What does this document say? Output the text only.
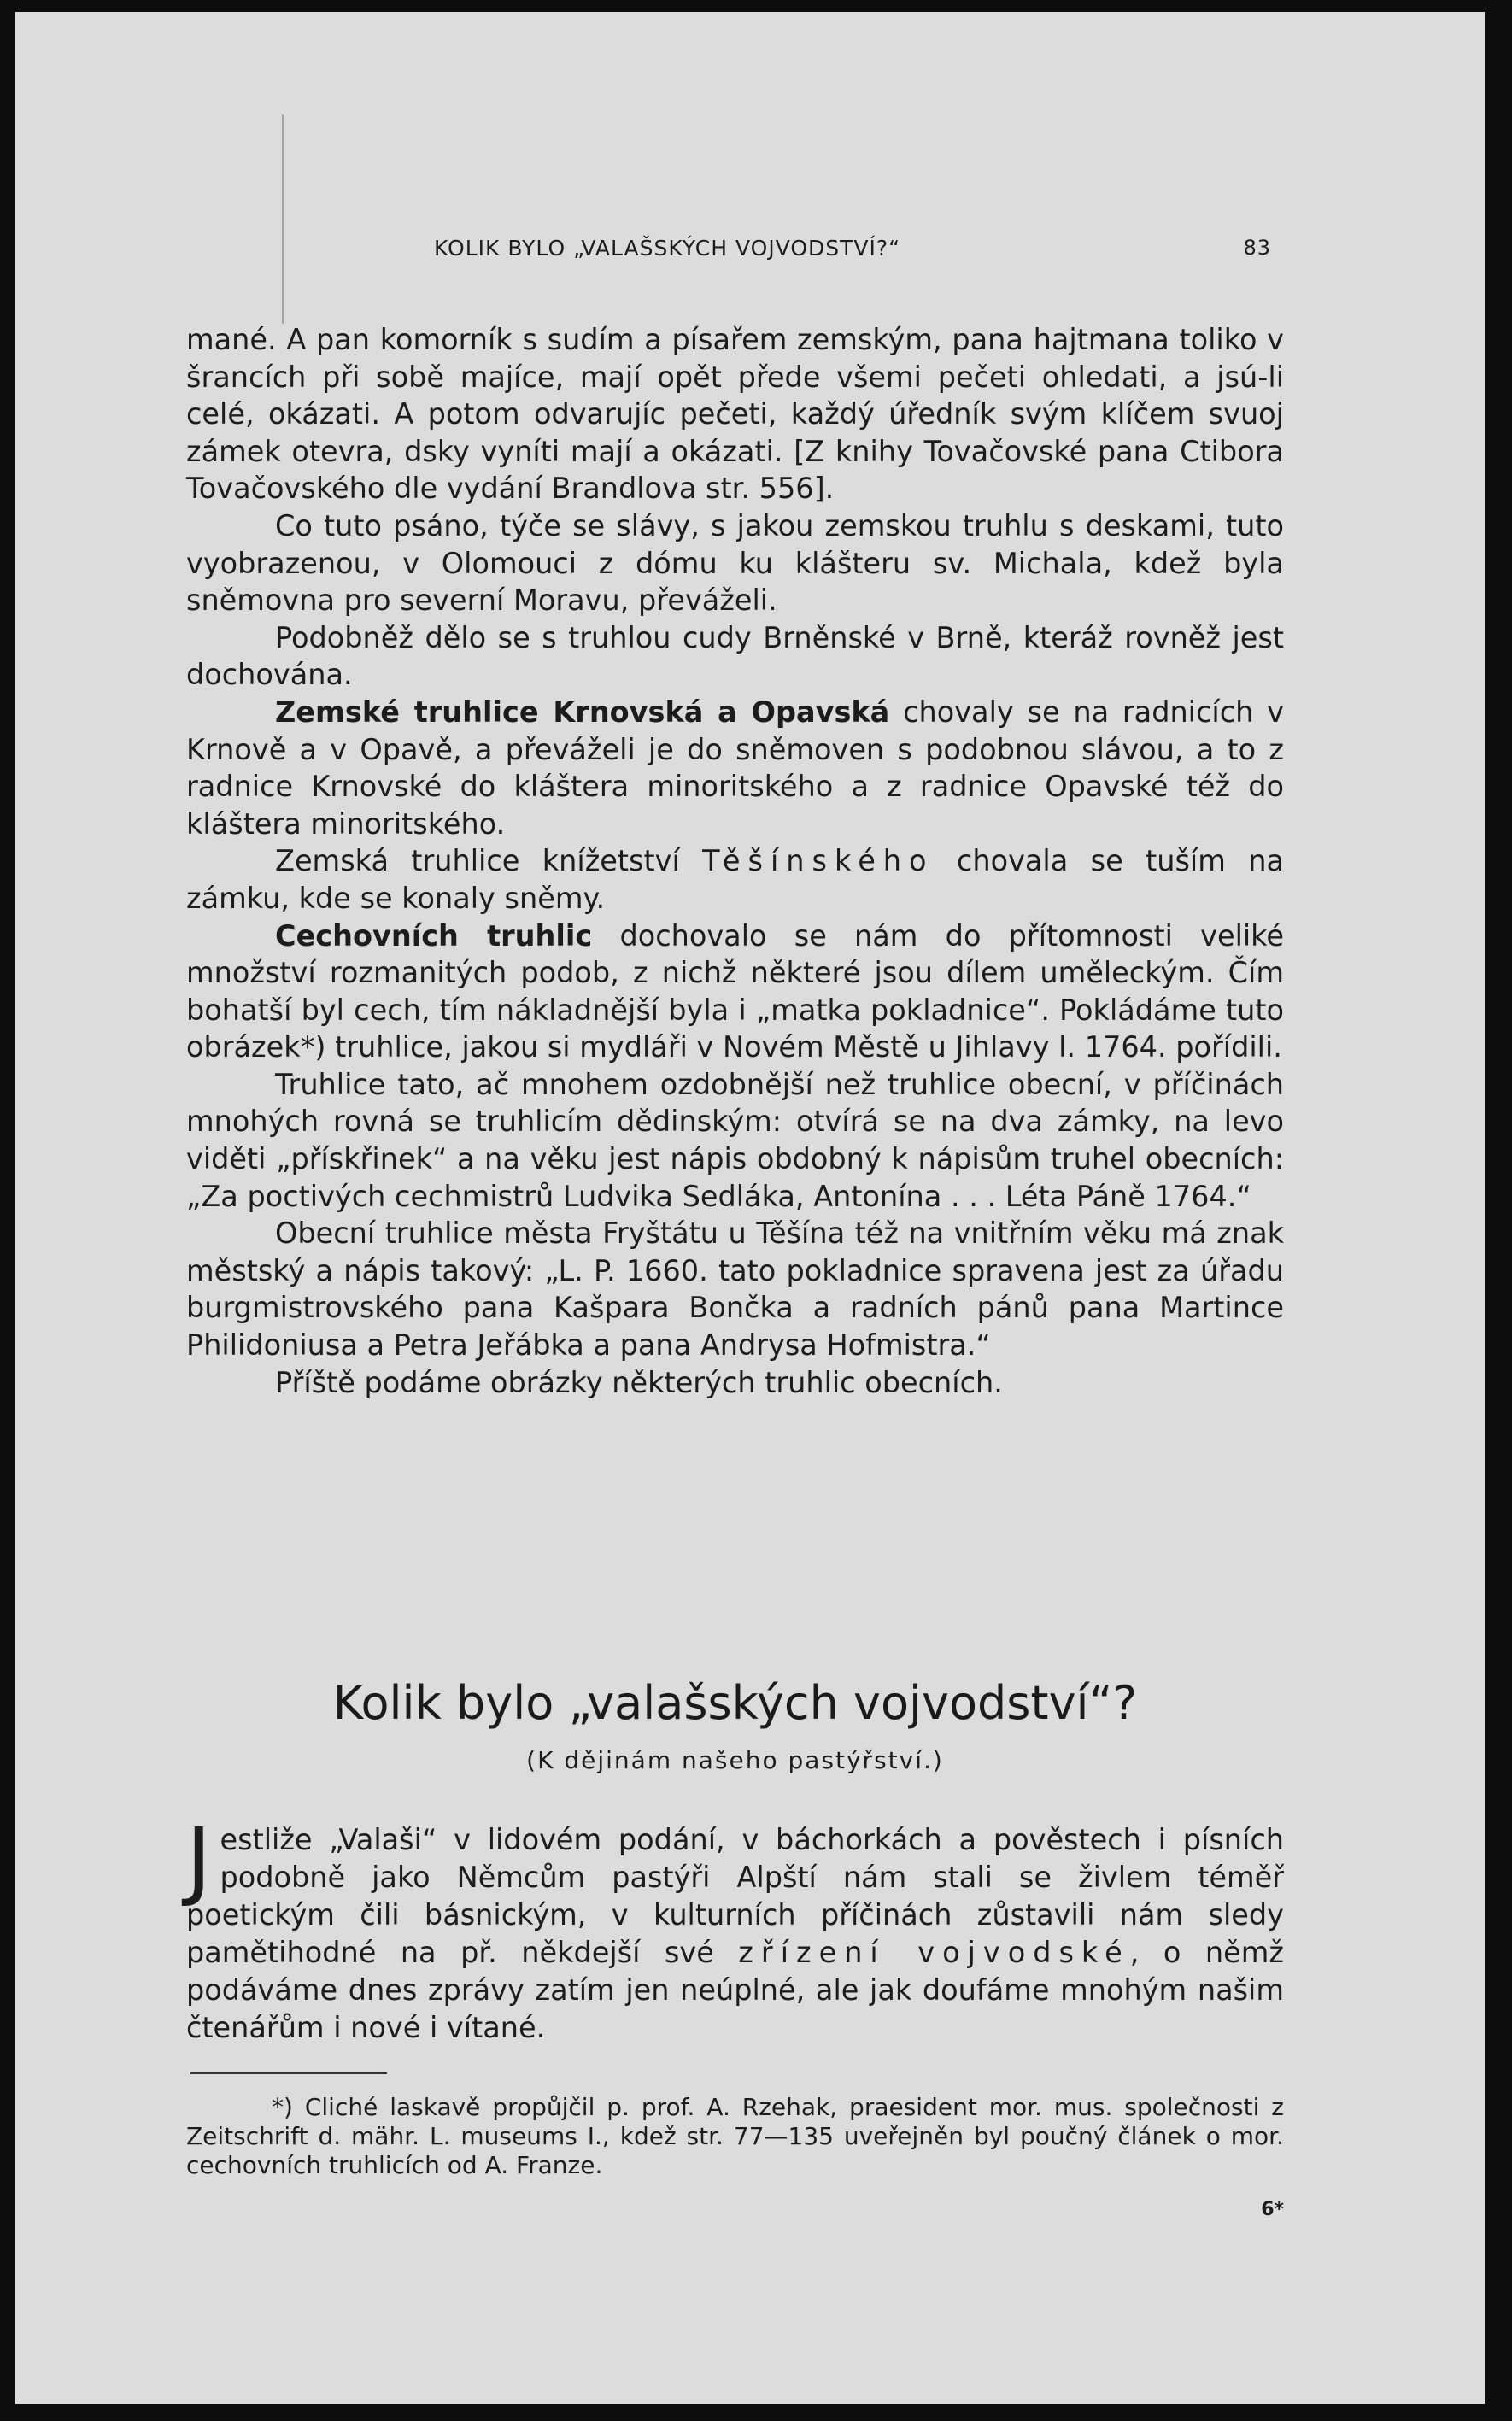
KOLIK BYLO „VALAŠSKÝCH VOJVODSTVÍ?“	83

mané. A pan komorník s sudím a písařem zemským, pana hajtmana toliko v šrancích při sobě majíce, mají opět přede všemi pečeti ohledati, a jsú-li celé, okázati. A potom odvarujíc pečeti, každý úředník svým klíčem svuoj zámek otevra, dsky vyníti mají a okázati. [Z knihy Tovačovské pana Ctibora Tovačovského dle vydání Brandlova str. 556].

Co tuto psáno, týče se slávy, s jakou zemskou truhlu s deskami, tuto vyobrazenou, v Olomouci z dómu ku klášteru sv. Michala, kdež byla sněmovna pro severní Moravu, převáželi.

Podobněž dělo se s truhlou cudy Brněnské v Brně, kteráž rovněž jest dochována.

Zemské truhlice Krnovská a Opavská chovaly se na radnicích v Krnově a v Opavě, a převáželi je do sněmoven s podobnou slávou, a to z radnice Krnovské do kláštera minoritského a z radnice Opavské též do kláštera minoritského.

Zemská truhlice knížetství Těšínského chovala se tuším na zámku, kde se konaly sněmy.

Cechovních truhlic dochovalo se nám do přítomnosti veliké množství rozmanitých podob, z nichž některé jsou dílem uměleckým. Čím bohatší byl cech, tím nákladnější byla i „matka pokladnice“. Pokládáme tuto obrázek*) truhlice, jakou si mydláři v Novém Městě u Jihlavy l. 1764. pořídili.

Truhlice tato, ač mnohem ozdobnější než truhlice obecní, v příčinách mnohých rovná se truhlicím dědinským: otvírá se na dva zámky, na levo viděti „přískřinek“ a na věku jest nápis obdobný k nápisům truhel obecních: „Za poctivých cechmistrů Ludvika Sedláka, Antonína . . . Léta Páně 1764.“

Obecní truhlice města Fryštátu u Těšína též na vnitřním věku má znak městský a nápis takový: „L. P. 1660. tato pokladnice spravena jest za úřadu burgmistrovského pana Kašpara Bončka a radních pánů pana Martince Philidoniusa a Petra Jeřábka a pana Andrysa Hofmistra.“

Příště podáme obrázky některých truhlic obecních.

Kolik bylo „valašských vojvodství“?
(K dějinám našeho pastýřství.)

Jestliže „Valaši“ v lidovém podání, v báchorkách a pověstech i písních podobně jako Němcům pastýři Alpští nám stali se živlem téměř poetickým čili básnickým, v kulturních příčinách zůstavili nám sledy pamětihodné na př. někdejší své zřízení vojvodské, o němž podáváme dnes zprávy zatím jen neúplné, ale jak doufáme mnohým našim čtenářům i nové i vítané.

*) Cliché laskavě propůjčil p. prof. A. Rzehak, praesident mor. mus. společnosti z Zeitschrift d. mähr. L. museums I., kdež str. 77—135 uveřejněn byl poučný článek o mor. cechovních truhlicích od A. Franze.

6*
